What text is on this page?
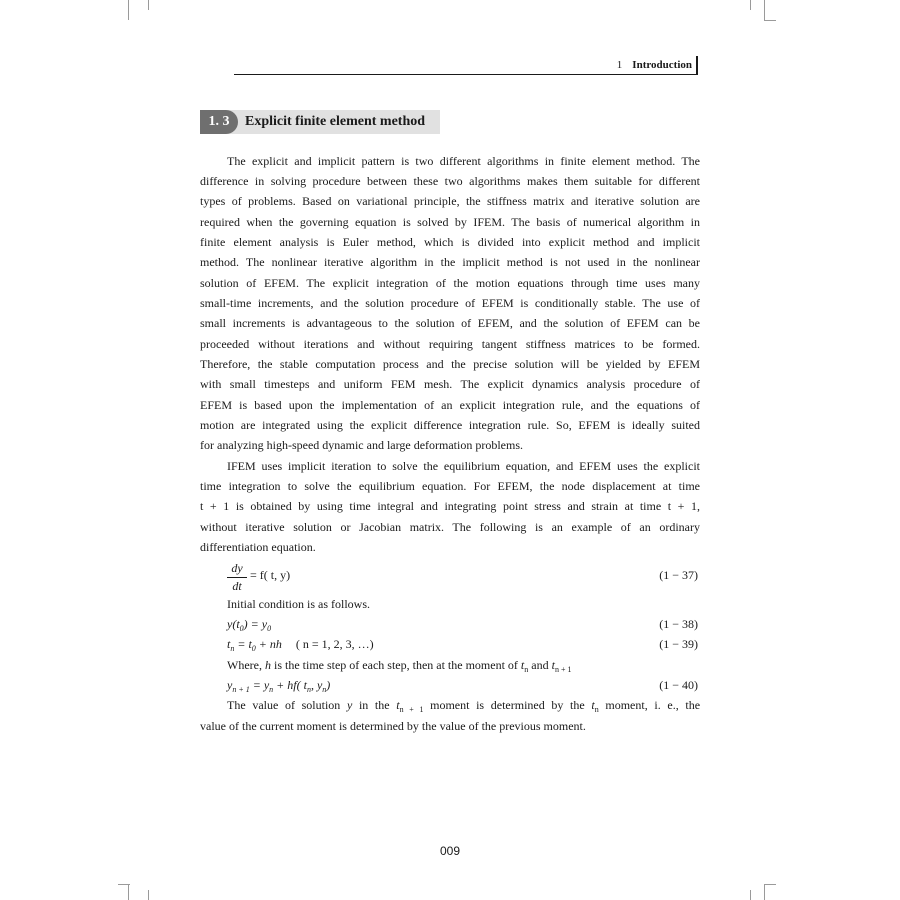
1 Introduction
1. 3	Explicit finite element method
The explicit and implicit pattern is two different algorithms in finite element method. The
difference in solving procedure between these two algorithms makes them suitable for different
types of problems. Based on variational principle, the stiffness matrix and iterative solution are
required when the governing equation is solved by IFEM. The basis of numerical algorithm in
finite element analysis is Euler method, which is divided into explicit method and implicit
method. The nonlinear iterative algorithm in the implicit method is not used in the nonlinear
solution of EFEM. The explicit integration of the motion equations through time uses many
small-time increments, and the solution procedure of EFEM is conditionally stable. The use of
small increments is advantageous to the solution of EFEM, and the solution of EFEM can be
proceeded without iterations and without requiring tangent stiffness matrices to be formed.
Therefore, the stable computation process and the precise solution will be yielded by EFEM
with small timesteps and uniform FEM mesh. The explicit dynamics analysis procedure of
EFEM is based upon the implementation of an explicit integration rule, and the equations of
motion are integrated using the explicit difference integration rule. So, EFEM is ideally suited
for analyzing high-speed dynamic and large deformation problems.
IFEM uses implicit iteration to solve the equilibrium equation, and EFEM uses the explicit
time integration to solve the equilibrium equation. For EFEM, the node displacement at time
t + 1 is obtained by using time integral and integrating point stress and strain at time t + 1,
without iterative solution or Jacobian matrix. The following is an example of an ordinary
differentiation equation.
dy
dt
= f( t, y)	(1 − 37)
Initial condition is as follows.
$y(t_0) = y_0$	(1 − 38)
$t_n = t_0$ + nh ( n = 1, 2, 3, …)	(1 − 39)
Where, h is the time step of each step, then at the moment of $t_n$ and $t_{n + 1}$
$y_{n + 1} = y_n + hf$( $t_n$, $y_n$)	(1 − 40)
The value of solution y in the $t_{n + 1}$ moment is determined by the $t_n$ moment, i. e., the
value of the current moment is determined by the value of the previous moment.
009
